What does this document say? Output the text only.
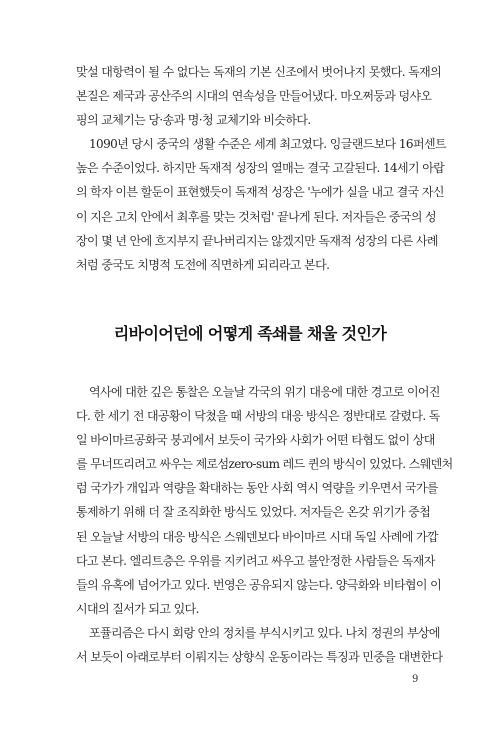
맞설 대항력이 될 수 없다는 독재의 기본 신조에서 벗어나지 못했다. 독재의
본질은 제국과 공산주의 시대의 연속성을 만들어냈다. 마오쩌둥과 덩샤오
핑의 교체기는 당·송과 명·청 교체기와 비슷하다.
1090년 당시 중국의 생활 수준은 세계 최고였다. 잉글랜드보다 16퍼센트
높은 수준이었다. 하지만 독재적 성장의 열매는 결국 고갈된다. 14세기 아랍
의 학자 이븐 할둔이 표현했듯이 독재적 성장은 '누에가 실을 내고 결국 자신
이 지은 고치 안에서 최후를 맞는 것처럼' 끝나게 된다. 저자들은 중국의 성
장이 몇 년 안에 흐지부지 끝나버리지는 않겠지만 독재적 성장의 다른 사례
처럼 중국도 치명적 도전에 직면하게 되리라고 본다.
리바이어던에 어떻게 족쇄를 채울 것인가
역사에 대한 깊은 통찰은 오늘날 각국의 위기 대응에 대한 경고로 이어진
다. 한 세기 전 대공황이 닥쳤을 때 서방의 대응 방식은 정반대로 갈렸다. 독
일 바이마르공화국 붕괴에서 보듯이 국가와 사회가 어떤 타협도 없이 상대
를 무너뜨리려고 싸우는 제로섬zero-sum 레드 퀸의 방식이 있었다. 스웨덴처
럼 국가가 개입과 역량을 확대하는 동안 사회 역시 역량을 키우면서 국가를
통제하기 위해 더 잘 조직화한 방식도 있었다. 저자들은 온갖 위기가 중첩
된 오늘날 서방의 대응 방식은 스웨덴보다 바이마르 시대 독일 사례에 가깝
다고 본다. 엘리트층은 우위를 지키려고 싸우고 불안정한 사람들은 독재자
들의 유혹에 넘어가고 있다. 번영은 공유되지 않는다. 양극화와 비타협이 이
시대의 질서가 되고 있다.
포퓰리즘은 다시 회랑 안의 정치를 부식시키고 있다. 나치 정권의 부상에
서 보듯이 아래로부터 이뤄지는 상향식 운동이라는 특징과 민중을 대변한다
9
